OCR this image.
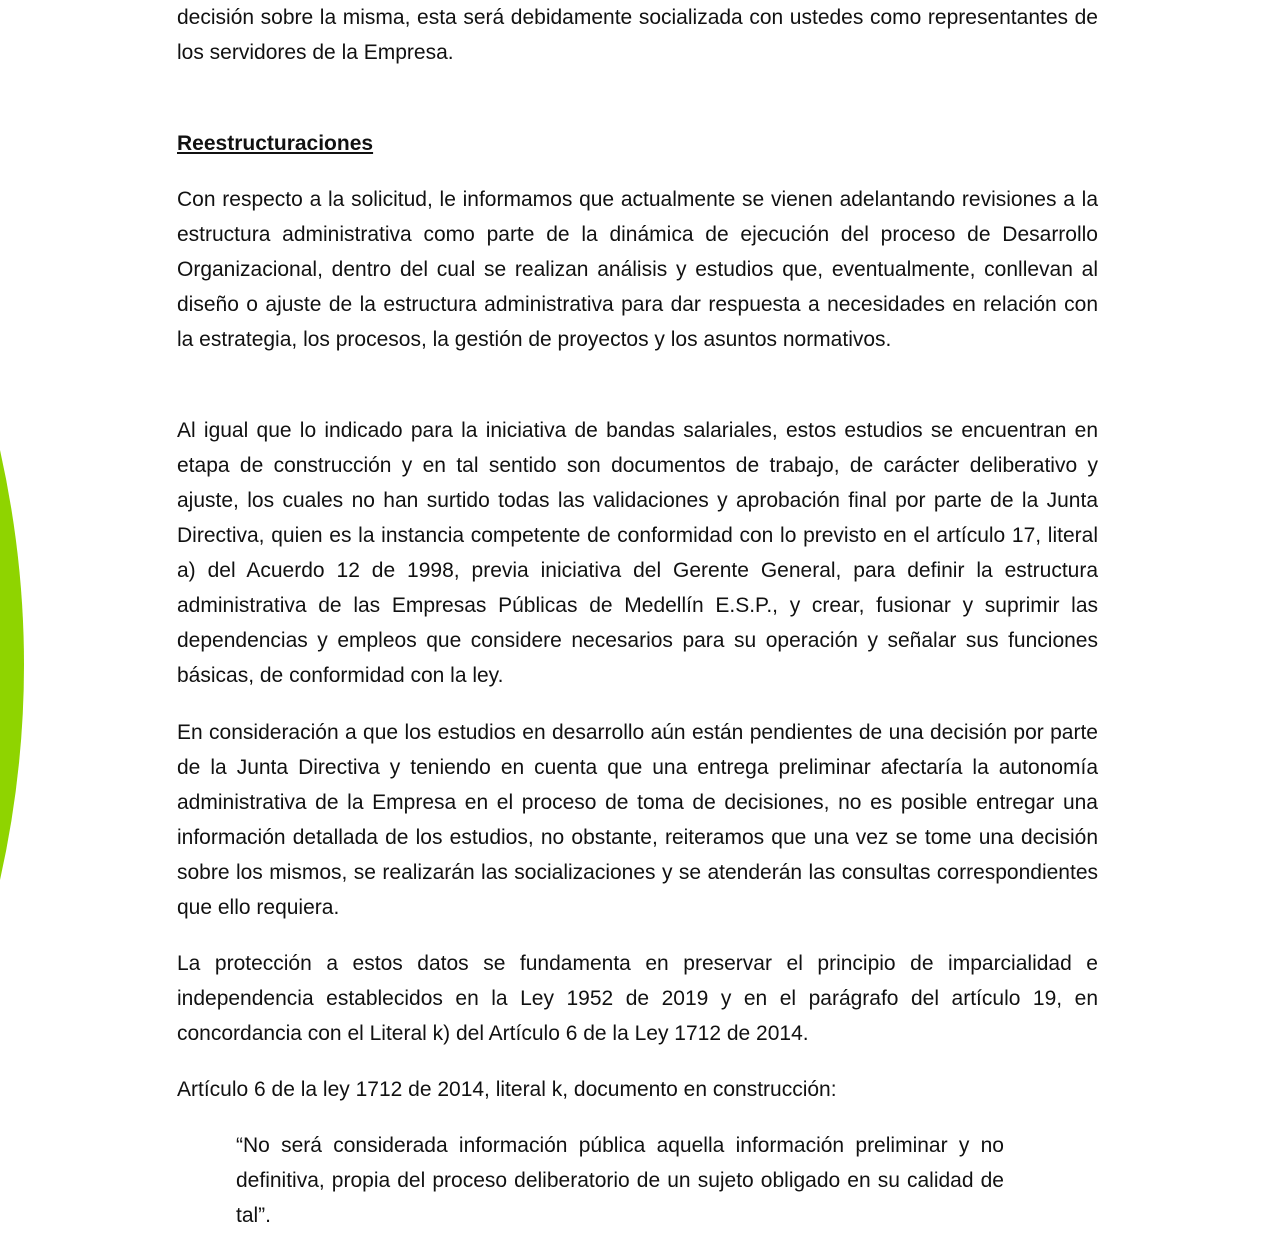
decisión sobre la misma, esta será debidamente socializada con ustedes como representantes de los servidores de la Empresa.

Reestructuraciones

Con respecto a la solicitud, le informamos que actualmente se vienen adelantando revisiones a la estructura administrativa como parte de la dinámica de ejecución del proceso de Desarrollo Organizacional, dentro del cual se realizan análisis y estudios que, eventualmente, conllevan al diseño o ajuste de la estructura administrativa para dar respuesta a necesidades en relación con la estrategia, los procesos, la gestión de proyectos y los asuntos normativos.

Al igual que lo indicado para la iniciativa de bandas salariales, estos estudios se encuentran en etapa de construcción y en tal sentido son documentos de trabajo, de carácter deliberativo y ajuste, los cuales no han surtido todas las validaciones y aprobación final por parte de la Junta Directiva, quien es la instancia competente de conformidad con lo previsto en el artículo 17, literal a) del Acuerdo 12 de 1998, previa iniciativa del Gerente General, para definir la estructura administrativa de las Empresas Públicas de Medellín E.S.P., y crear, fusionar y suprimir las dependencias y empleos que considere necesarios para su operación y señalar sus funciones básicas, de conformidad con la ley.

En consideración a que los estudios en desarrollo aún están pendientes de una decisión por parte de la Junta Directiva y teniendo en cuenta que una entrega preliminar afectaría la autonomía administrativa de la Empresa en el proceso de toma de decisiones, no es posible entregar una información detallada de los estudios, no obstante, reiteramos que una vez se tome una decisión sobre los mismos, se realizarán las socializaciones y se atenderán las consultas correspondientes que ello requiera.

La protección a estos datos se fundamenta en preservar el principio de imparcialidad e independencia establecidos en la Ley 1952 de 2019 y en el parágrafo del artículo 19, en concordancia con el Literal k) del Artículo 6 de la Ley 1712 de 2014.

Artículo 6 de la ley 1712 de 2014, literal k, documento en construcción:

“No será considerada información pública aquella información preliminar y no definitiva, propia del proceso deliberatorio de un sujeto obligado en su calidad de tal”.
